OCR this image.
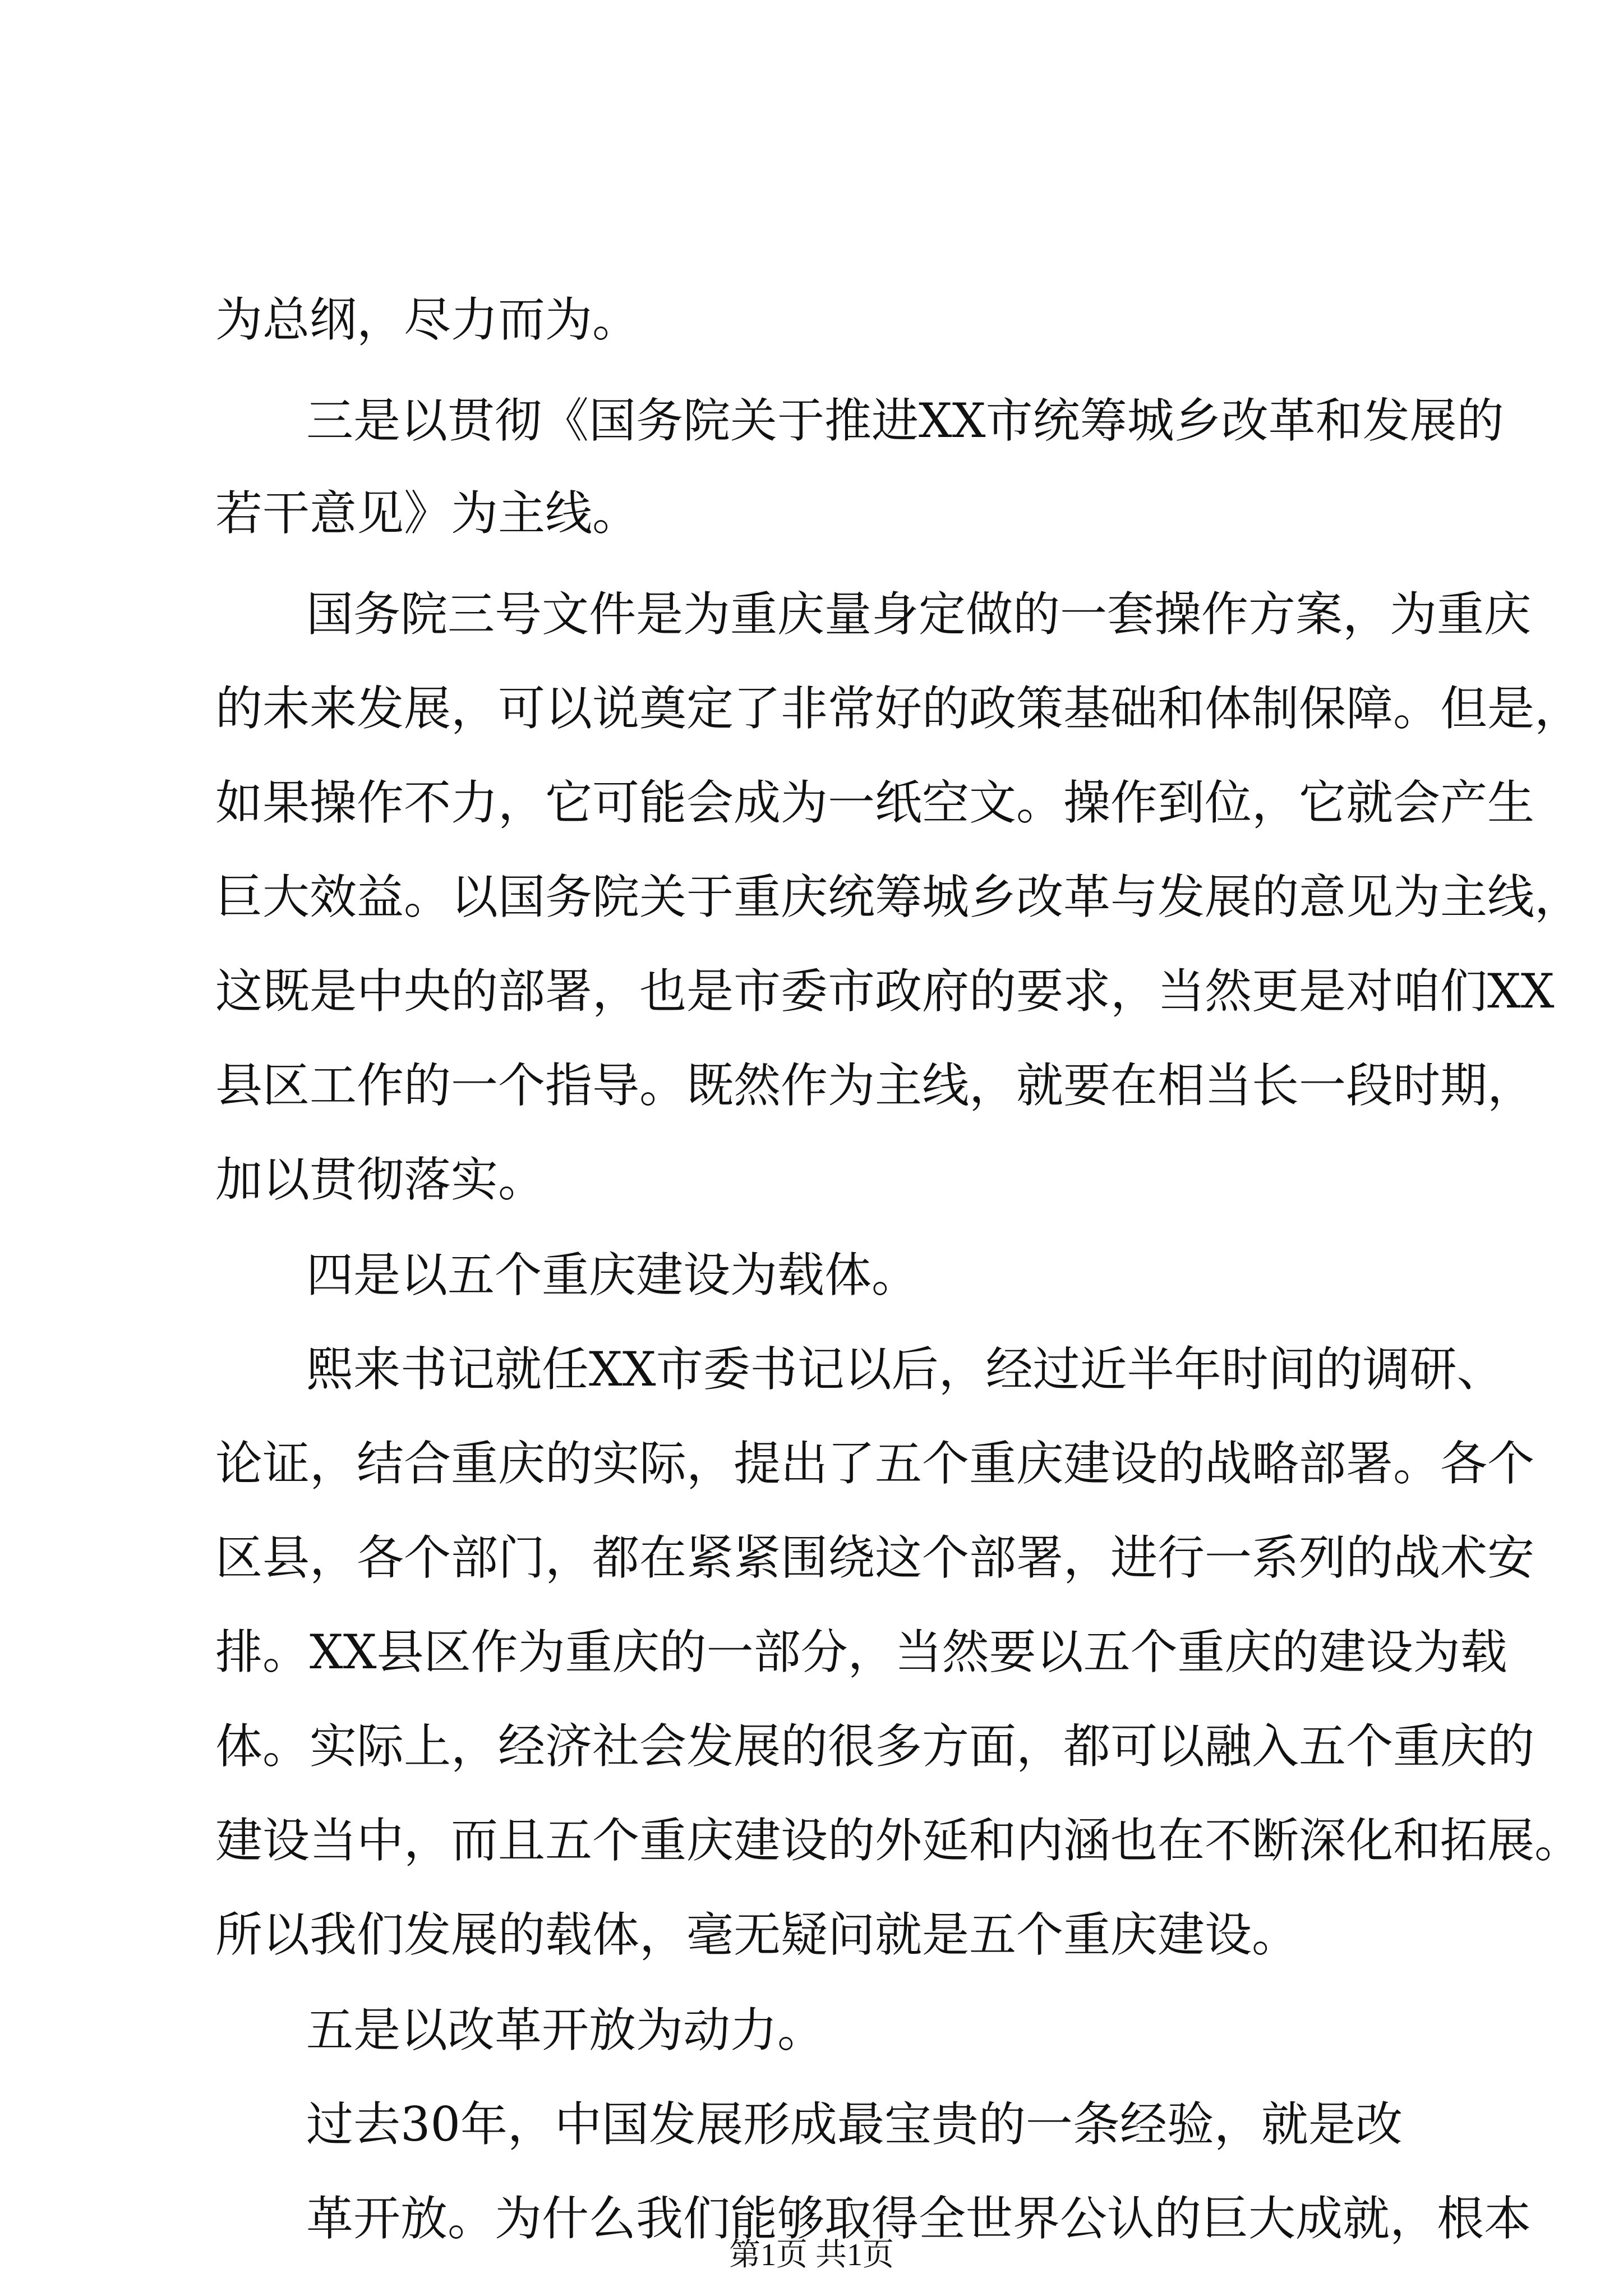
为总纲，尽力而为。
三是以贯彻《国务院关于推进XX市统筹城乡改革和发展的
若干意见》为主线。
国务院三号文件是为重庆量身定做的一套操作方案，为重庆
的未来发展，可以说奠定了非常好的政策基础和体制保障。但是，
如果操作不力，它可能会成为一纸空文。操作到位，它就会产生
巨大效益。以国务院关于重庆统筹城乡改革与发展的意见为主线，
这既是中央的部署，也是市委市政府的要求，当然更是对咱们XX
县区工作的一个指导。既然作为主线，就要在相当长一段时期，
加以贯彻落实。
四是以五个重庆建设为载体。
熙来书记就任XX市委书记以后，经过近半年时间的调研、
论证，结合重庆的实际，提出了五个重庆建设的战略部署。各个
区县，各个部门，都在紧紧围绕这个部署，进行一系列的战术安
排。XX县区作为重庆的一部分，当然要以五个重庆的建设为载
体。实际上，经济社会发展的很多方面，都可以融入五个重庆的
建设当中，而且五个重庆建设的外延和内涵也在不断深化和拓展。
所以我们发展的载体，毫无疑问就是五个重庆建设。
五是以改革开放为动力。
过去30年，中国发展形成最宝贵的一条经验，就是改
革开放。为什么我们能够取得全世界公认的巨大成就，根本
第1页 共1页
